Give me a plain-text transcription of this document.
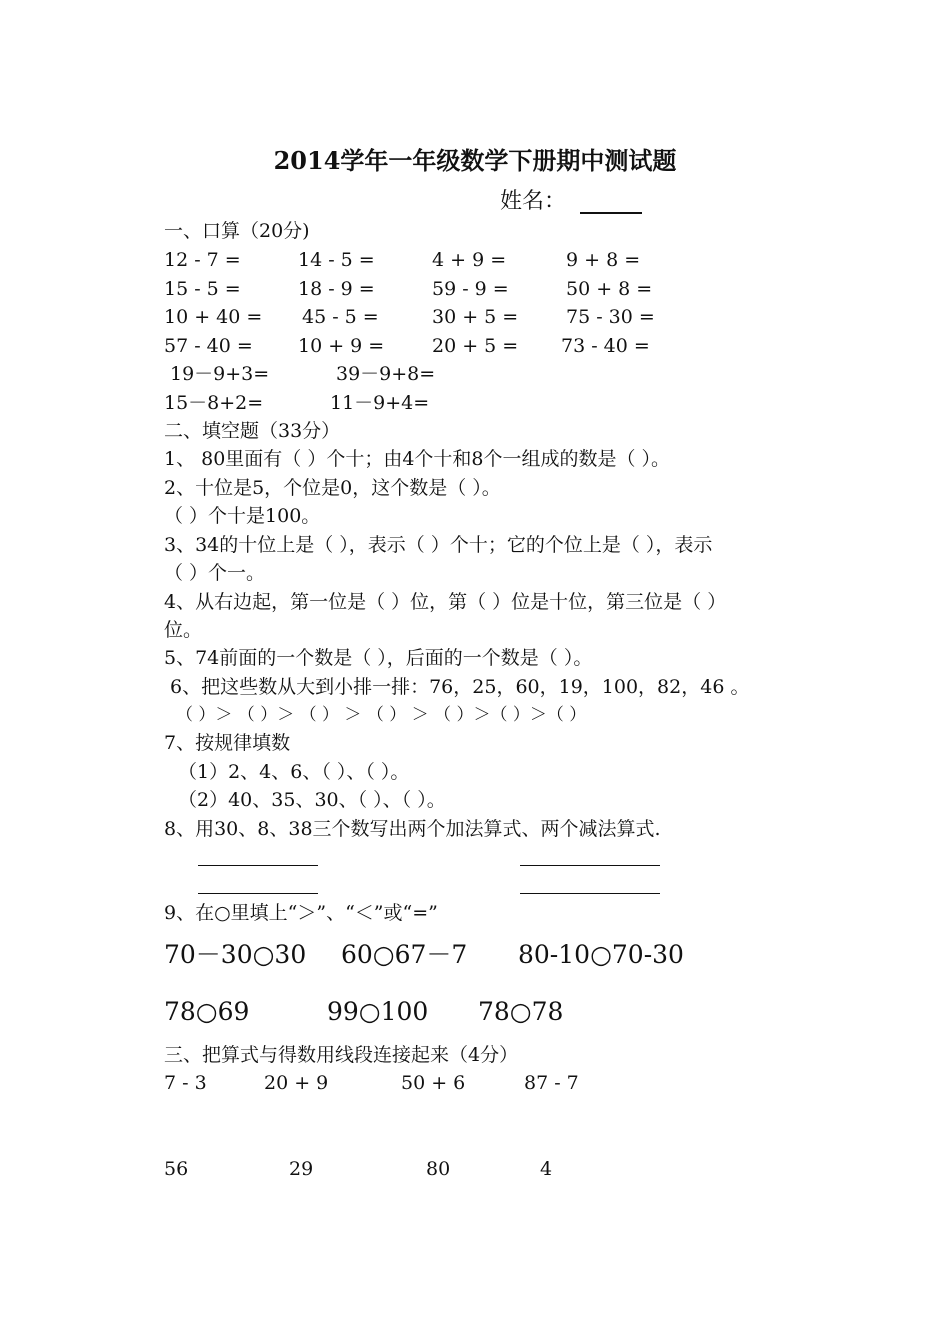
2014学年一年级数学下册期中测试题
姓名：
一、口算（20分)
12 - 7 =	14 - 5 =	4 + 9 =	9 + 8 =
15 - 5 =	18 - 9 =	59 - 9 =	50 + 8 =
10 + 40 = 45 - 5 =	30 + 5 =	75 - 30 =
57 - 40 = 10 + 9 =	20 + 5 = 73 - 40 =
19－9+3=	39－9+8=
15－8+2=	11－9+4=
二、填空题（33分）
1、 80里面有（ ）个十；由4个十和8个一组成的数是（ ）。
2、十位是5，个位是0，这个数是（ ）。
（ ）个十是100。
3、34的十位上是（ ），表示（ ）个十；它的个位上是（ ），表示
（ ）个一。
4、从右边起，第一位是（ ）位，第（ ）位是十位，第三位是（ ）
位。
5、74前面的一个数是（ ），后面的一个数是（ ）。
6、把这些数从大到小排一排：76，25，60，19，100，82，46 。
（ ）＞ （ ）＞ （ ） ＞ （ ） ＞ （ ）＞（ ）＞（ ）
7、按规律填数
（1）2、4、6、（ ）、（ ）。
（2）40、35、30、（ ）、（ ）。
8、用30、8、38三个数写出两个加法算式、两个减法算式.
9、在○里填上“＞”、“＜”或“=”
70－30○30 60○67－7 80-10○70-30
78○69	99○100 78○78
三、把算式与得数用线段连接起来（4分）
7 - 3	20 + 9	50 + 6	87 - 7
56	29	80	4
